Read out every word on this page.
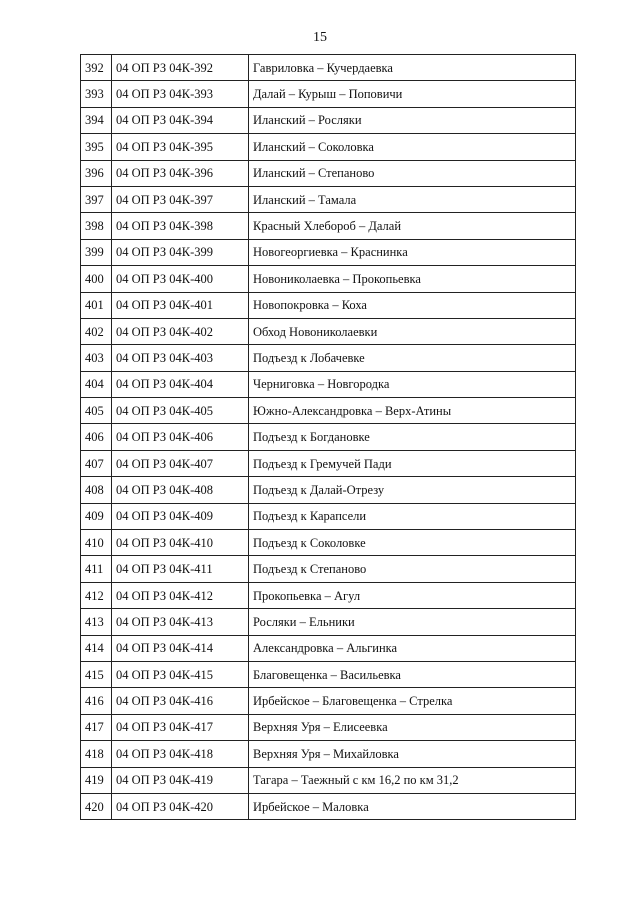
15
392	04 ОП РЗ 04К-392	Гавриловка – Кучердаевка
393	04 ОП РЗ 04К-393	Далай – Курыш – Поповичи
394	04 ОП РЗ 04К-394	Иланский – Росляки
395	04 ОП РЗ 04К-395	Иланский – Соколовка
396	04 ОП РЗ 04К-396	Иланский – Степаново
397	04 ОП РЗ 04К-397	Иланский – Тамала
398	04 ОП РЗ 04К-398	Красный Хлебороб – Далай
399	04 ОП РЗ 04К-399	Новогеоргиевка – Краснинка
400	04 ОП РЗ 04К-400	Новониколаевка – Прокопьевка
401	04 ОП РЗ 04К-401	Новопокровка – Коха
402	04 ОП РЗ 04К-402	Обход Новониколаевки
403	04 ОП РЗ 04К-403	Подъезд к Лобачевке
404	04 ОП РЗ 04К-404	Черниговка – Новгородка
405	04 ОП РЗ 04К-405	Южно-Александровка – Верх-Атины
406	04 ОП РЗ 04К-406	Подъезд к Богдановке
407	04 ОП РЗ 04К-407	Подъезд к Гремучей Пади
408	04 ОП РЗ 04К-408	Подъезд к Далай-Отрезу
409	04 ОП РЗ 04К-409	Подъезд к Карапсели
410	04 ОП РЗ 04К-410	Подъезд к Соколовке
411	04 ОП РЗ 04К-411	Подъезд к Степаново
412	04 ОП РЗ 04К-412	Прокопьевка – Агул
413	04 ОП РЗ 04К-413	Росляки – Ельники
414	04 ОП РЗ 04К-414	Александровка – Альгинка
415	04 ОП РЗ 04К-415	Благовещенка – Васильевка
416	04 ОП РЗ 04К-416	Ирбейское – Благовещенка – Стрелка
417	04 ОП РЗ 04К-417	Верхняя Уря – Елисеевка
418	04 ОП РЗ 04К-418	Верхняя Уря – Михайловка
419	04 ОП РЗ 04К-419	Тагара – Таежный с км 16,2 по км 31,2
420	04 ОП РЗ 04К-420	Ирбейское – Маловка
